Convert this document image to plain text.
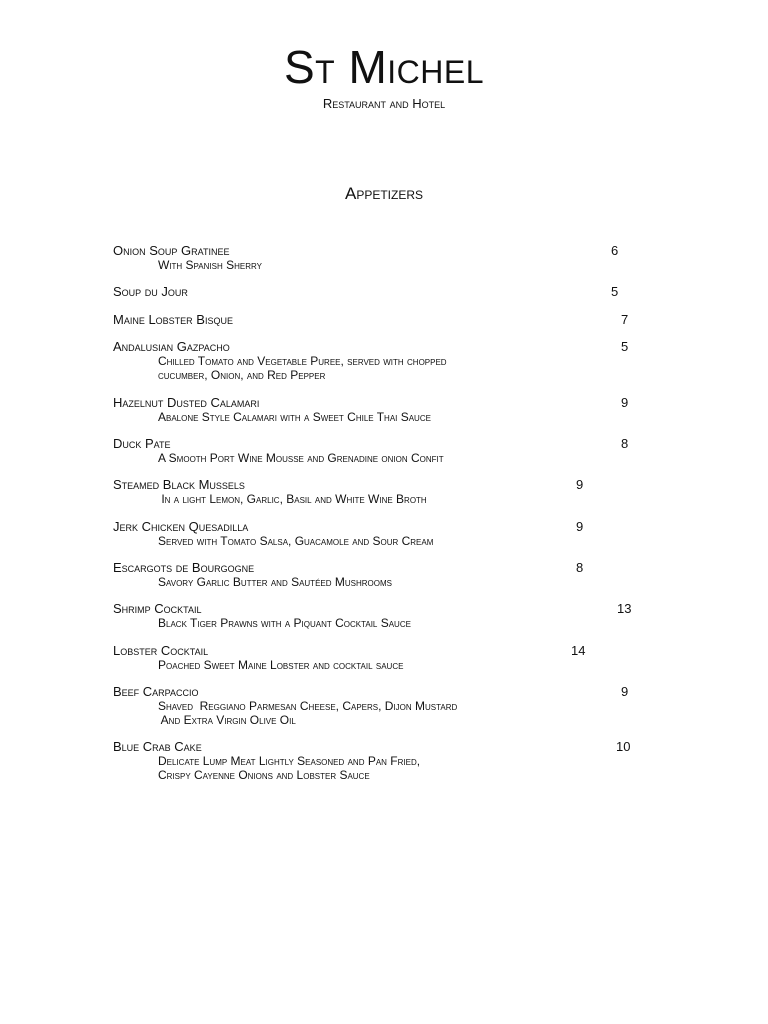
St Michel
Restaurant and Hotel
Appetizers
Onion Soup Gratinee
With Spanish Sherry
6
Soup du Jour	5
Maine Lobster Bisque	7
Andalusian Gazpacho
Chilled Tomato and Vegetable Puree, served with chopped
cucumber, Onion, and Red Pepper
5
Hazelnut Dusted Calamari
Abalone Style Calamari with a Sweet Chile Thai Sauce
9
Duck Pate
A Smooth Port Wine Mousse and Grenadine onion Confit
8
Steamed Black Mussels
In a light Lemon, Garlic, Basil and White Wine Broth
9
Jerk Chicken Quesadilla
Served with Tomato Salsa, Guacamole and Sour Cream
9
Escargots de Bourgogne
Savory Garlic Butter and Sautéed Mushrooms
8
Shrimp Cocktail
Black Tiger Prawns with a Piquant Cocktail Sauce
13
Lobster Cocktail
Poached Sweet Maine Lobster and cocktail sauce
14
Beef Carpaccio
Shaved  Reggiano Parmesan Cheese, Capers, Dijon Mustard
And Extra Virgin Olive Oil
9
Blue Crab Cake
Delicate Lump Meat Lightly Seasoned and Pan Fried,
Crispy Cayenne Onions and Lobster Sauce
10
